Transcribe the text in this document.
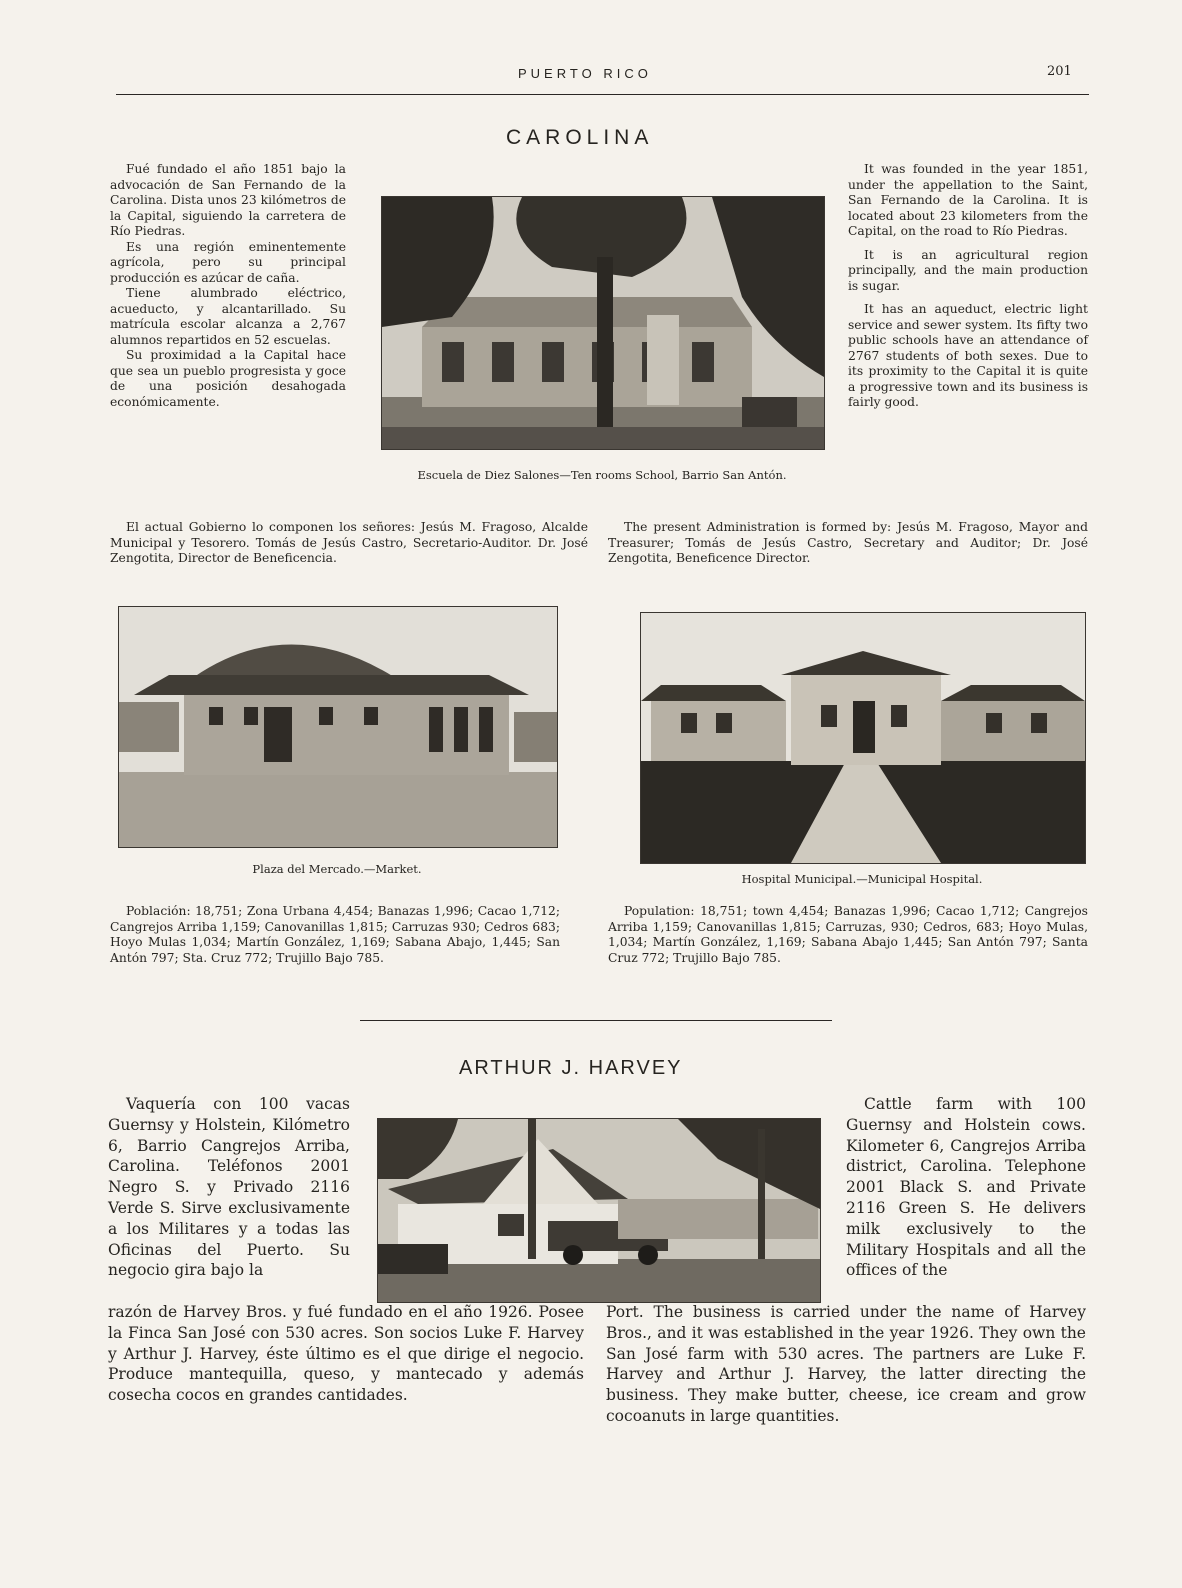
PUERTO RICO	201
CAROLINA

Fué fundado el año 1851 bajo la advocación de San Fernando de la Carolina. Dista unos 23 kilómetros de la Capital, siguiendo la carretera de Río Piedras.

Es una región eminentemente agrícola, pero su principal producción es azúcar de caña.

Tiene alumbrado eléctrico, acueducto, y alcantarillado. Su matrícula escolar alcanza a 2,767 alumnos repartidos en 52 escuelas.

Su proximidad a la Capital hace que sea un pueblo progresista y goce de una posición desahogada económicamente.

Escuela de Diez Salones—Ten rooms School, Barrio San Antón.

It was founded in the year 1851, under the appellation to the Saint, San Fernando de la Carolina. It is located about 23 kilometers from the Capital, on the road to Río Piedras.

It is an agricultural region principally, and the main production is sugar.

It has an aqueduct, electric light service and sewer system. Its fifty two public schools have an attendance of 2767 students of both sexes. Due to its proximity to the Capital it is quite a progressive town and its business is fairly good.

El actual Gobierno lo componen los señores: Jesús M. Fragoso, Alcalde Municipal y Tesorero. Tomás de Jesús Castro, Secretario-Auditor. Dr. José Zengotita, Director de Beneficencia.

The present Administration is formed by: Jesús M. Fragoso, Mayor and Treasurer; Tomás de Jesús Castro, Secretary and Auditor; Dr. José Zengotita, Beneficence Director.

Plaza del Mercado.—Market.
Hospital Municipal.—Municipal Hospital.

Población: 18,751; Zona Urbana 4,454; Banazas 1,996; Cacao 1,712; Cangrejos Arriba 1,159; Canovanillas 1,815; Carruzas 930; Cedros 683; Hoyo Mulas 1,034; Martín González, 1,169; Sabana Abajo, 1,445; San Antón 797; Sta. Cruz 772; Trujillo Bajo 785.

Population: 18,751; town 4,454; Banazas 1,996; Cacao 1,712; Cangrejos Arriba 1,159; Canovanillas 1,815; Carruzas, 930; Cedros, 683; Hoyo Mulas, 1,034; Martín González, 1,169; Sabana Abajo 1,445; San Antón 797; Santa Cruz 772; Trujillo Bajo 785.

ARTHUR J. HARVEY

Vaquería con 100 vacas Guernsy y Holstein, Kilómetro 6, Barrio Cangrejos Arriba, Carolina. Teléfonos 2001 Negro S. y Privado 2116 Verde S. Sirve exclusivamente a los Militares y a todas las Oficinas del Puerto. Su negocio gira bajo la

Cattle farm with 100 Guernsy and Holstein cows. Kilometer 6, Cangrejos Arriba district, Carolina. Telephone 2001 Black S. and Private 2116 Green S. He delivers milk exclusively to the Military Hospitals and all the offices of the

razón de Harvey Bros. y fué fundado en el año 1926. Posee la Finca San José con 530 acres. Son socios Luke F. Harvey y Arthur J. Harvey, éste último es el que dirige el negocio. Produce mantequilla, queso, y mantecado y además cosecha cocos en grandes cantidades.

Port. The business is carried under the name of Harvey Bros., and it was established in the year 1926. They own the San José farm with 530 acres. The partners are Luke F. Harvey and Arthur J. Harvey, the latter directing the business. They make butter, cheese, ice cream and grow cocoanuts in large quantities.
